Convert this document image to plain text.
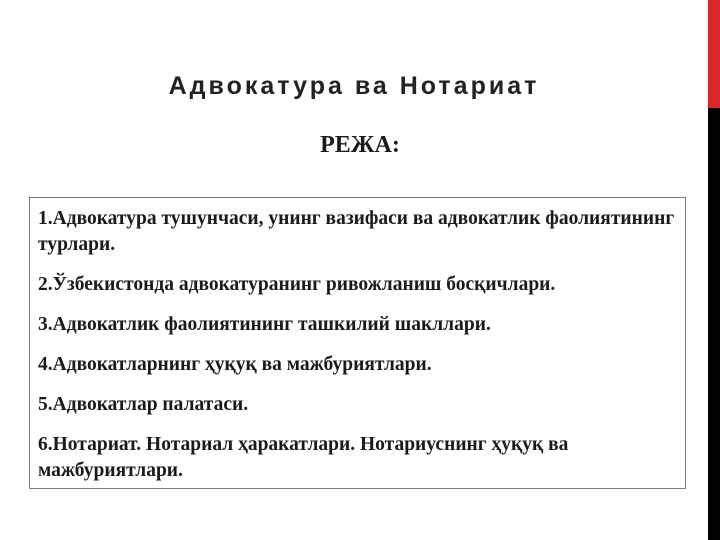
Адвокатура ва Нотариат
РЕЖА:
1.Адвокатура тушунчаси, унинг вазифаси ва адвокатлик фаолиятининг турлари.
2.Ўзбекистонда адвокатуранинг ривожланиш босқичлари.
3.Адвокатлик фаолиятининг ташкилий шакллари.
4.Адвокатларнинг ҳуқуқ ва мажбуриятлари.
5.Адвокатлар палатаси.
6.Нотариат. Нотариал ҳаракатлари. Нотариуснинг ҳуқуқ ва мажбуриятлари.
